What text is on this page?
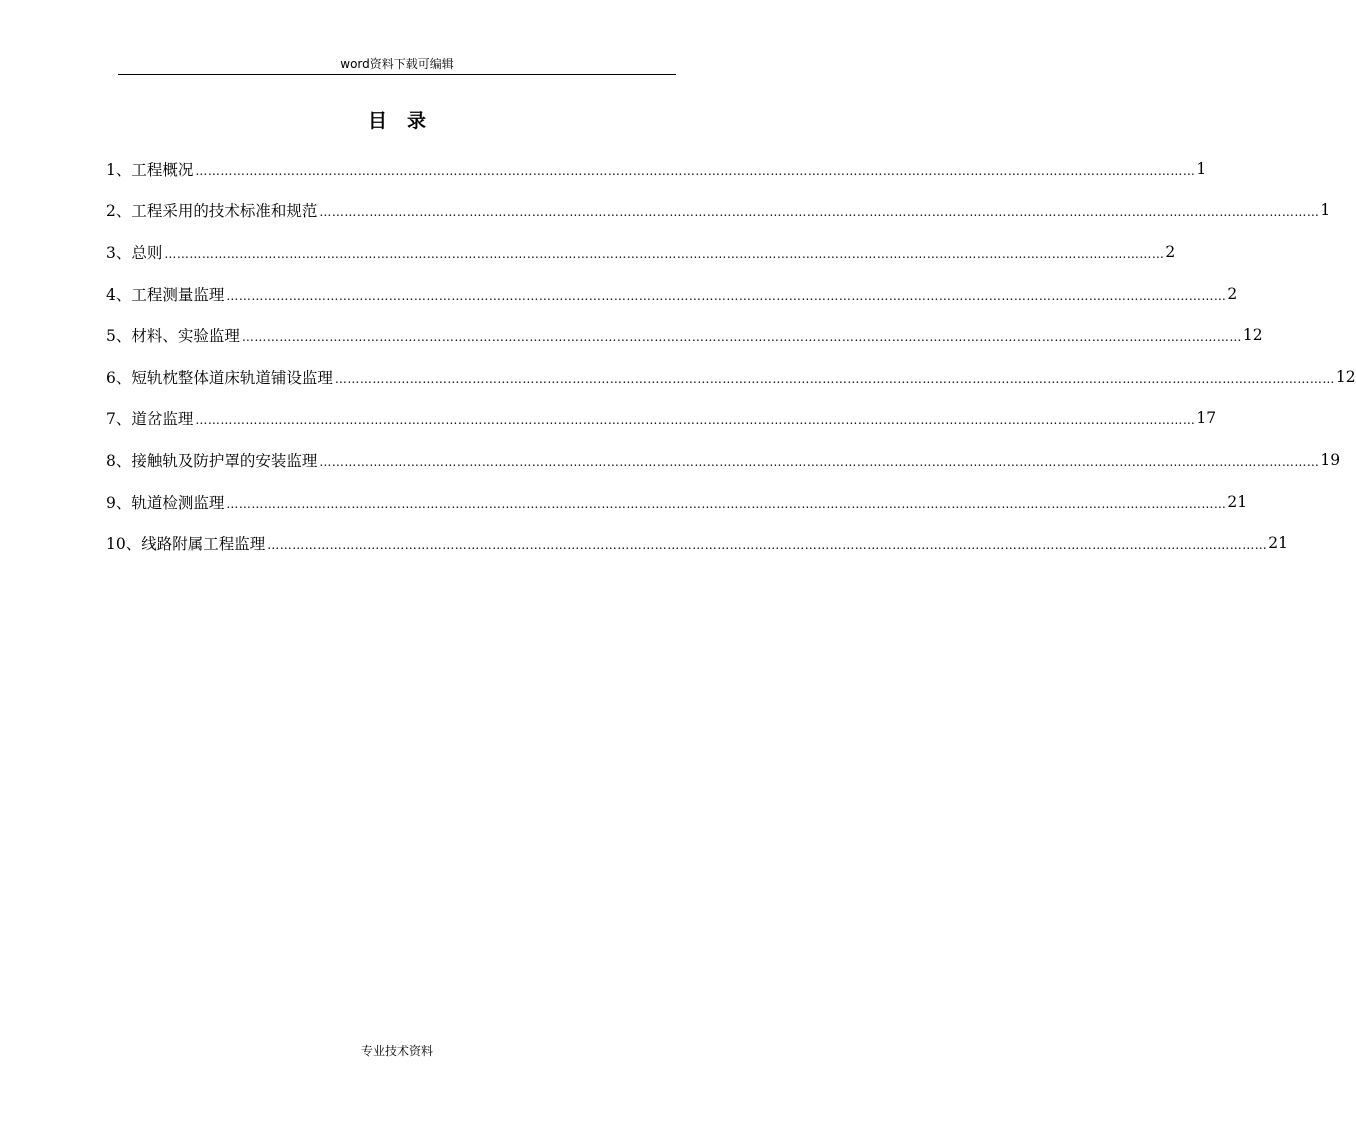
word资料下载可编辑
目录
1、工程概况 …………………………………………………………………………………………………………………………………………………………………………………………………………………… 1
2、工程采用的技术标准和规范 …………………………………………………………………………………………………………………………………………………………………………………………………………………… 1
3、总则 …………………………………………………………………………………………………………………………………………………………………………………………………………………… 2
4、工程测量监理 …………………………………………………………………………………………………………………………………………………………………………………………………………………… 2
5、材料、实验监理 …………………………………………………………………………………………………………………………………………………………………………………………………………………… 12
6、短轨枕整体道床轨道铺设监理 …………………………………………………………………………………………………………………………………………………………………………………………………………………… 12
7、道岔监理 …………………………………………………………………………………………………………………………………………………………………………………………………………………… 17
8、接触轨及防护罩的安装监理 …………………………………………………………………………………………………………………………………………………………………………………………………………………… 19
9、轨道检测监理 …………………………………………………………………………………………………………………………………………………………………………………………………………………… 21
10、线路附属工程监理 …………………………………………………………………………………………………………………………………………………………………………………………………………………… 21
专业技术资料
